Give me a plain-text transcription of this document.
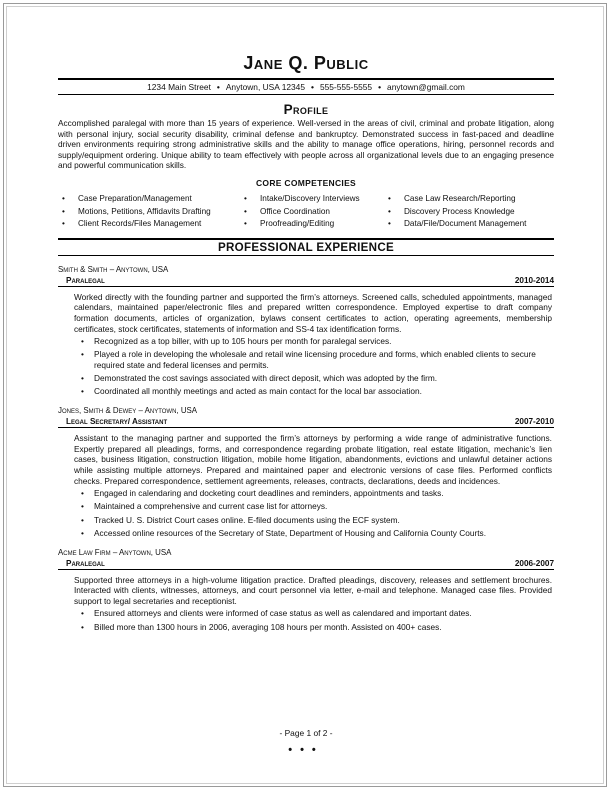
Jane Q. Public
1234 Main Street • Anytown, USA 12345 • 555-555-5555 • anytown@gmail.com
Profile
Accomplished paralegal with more than 15 years of experience. Well-versed in the areas of civil, criminal and probate litigation, along with personal injury, social security disability, criminal defense and bankruptcy. Demonstrated success in fast-paced and deadline driven environments requiring strong administrative skills and the ability to manage office operations, hiring, personnel records and supply/equipment ordering. Unique ability to team effectively with people across all organizational levels due to an engaging presence and powerful communication skills.
CORE COMPETENCIES
• Case Preparation/Management	• Intake/Discovery Interviews	• Case Law Research/Reporting
• Motions, Petitions, Affidavits Drafting	• Office Coordination	• Discovery Process Knowledge
• Client Records/Files Management	• Proofreading/Editing	• Data/File/Document Management
PROFESSIONAL EXPERIENCE
Smith & Smith – Anytown, USA
Paralegal	2010-2014
Worked directly with the founding partner and supported the firm’s attorneys. Screened calls, scheduled appointments, managed calendars, maintained paper/electronic files and prepared written correspondence. Employed expertise to draft company formation documents, articles of organization, bylaws consent certificates to action, operating agreements, membership certificates, stock certificates, statements of information and SS-4 tax identification forms.
• Recognized as a top biller, with up to 105 hours per month for paralegal services.
• Played a role in developing the wholesale and retail wine licensing procedure and forms, which enabled clients to secure required state and federal licenses and permits.
• Demonstrated the cost savings associated with direct deposit, which was adopted by the firm.
• Coordinated all monthly meetings and acted as main contact for the local bar association.
Jones, Smith & Dewey – Anytown, USA
Legal Secretary/ Assistant	2007-2010
Assistant to the managing partner and supported the firm’s attorneys by performing a wide range of administrative functions. Expertly prepared all pleadings, forms, and correspondence regarding probate litigation, real estate litigation, mechanic’s lien cases, business litigation, construction litigation, mobile home litigation, abandonments, evictions and unlawful detainer actions while assisting multiple attorneys. Prepared and maintained paper and electronic versions of case files. Performed conflicts checks. Prepared correspondence, settlement agreements, releases, contracts, declarations, deeds and incidences.
• Engaged in calendaring and docketing court deadlines and reminders, appointments and tasks.
• Maintained a comprehensive and current case list for attorneys.
• Tracked U. S. District Court cases online. E-filed documents using the ECF system.
• Accessed online resources of the Secretary of State, Department of Housing and California County Courts.
Acme Law Firm – Anytown, USA
Paralegal	2006-2007
Supported three attorneys in a high-volume litigation practice. Drafted pleadings, discovery, releases and settlement brochures. Interacted with clients, witnesses, attorneys, and court personnel via letter, e-mail and telephone. Managed case files. Provided support to legal secretaries and receptionist.
• Ensured attorneys and clients were informed of case status as well as calendared and important dates.
• Billed more than 1300 hours in 2006, averaging 108 hours per month. Assisted on 400+ cases.
- Page 1 of 2 -
•••
